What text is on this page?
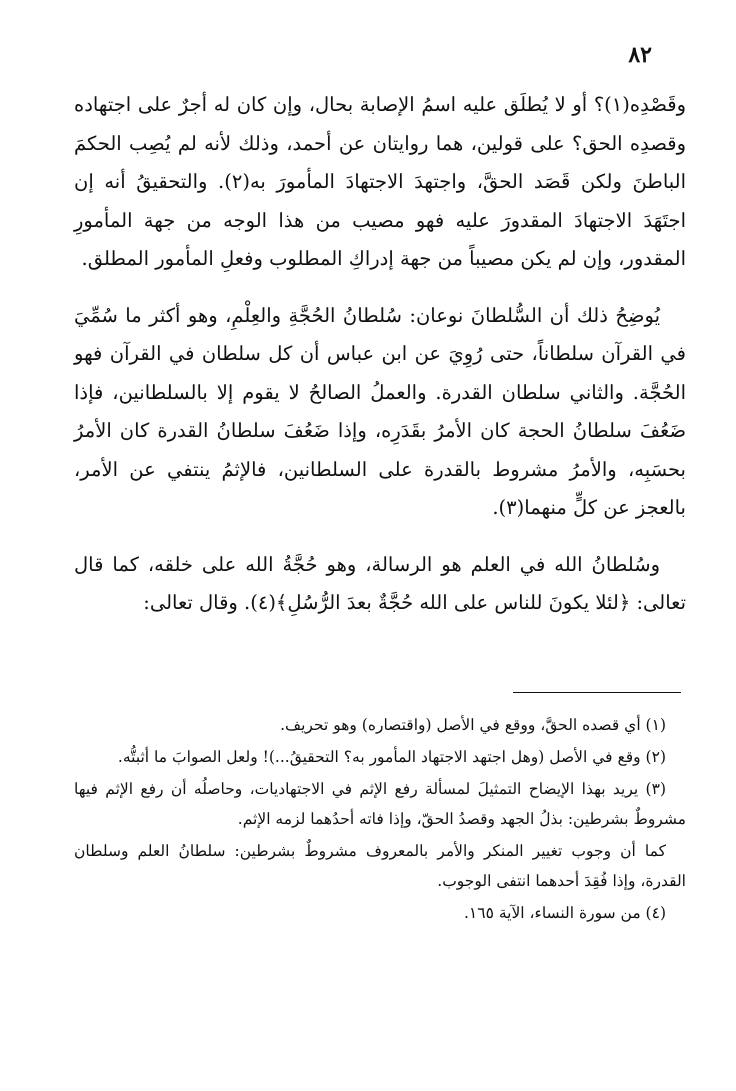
٨٢

وقَصْدِه(١)؟ أو لا يُطلَق عليه اسمُ الإصابة بحال، وإن كان له أجرٌ على اجتهاده وقصدِه الحق؟ على قولين، هما روايتان عن أحمد، وذلك لأنه لم يُصِب الحكمَ الباطنَ ولكن قَصَد الحقَّ، واجتهدَ الاجتهادَ المأمورَ به(٢). والتحقيقُ أنه إن اجتَهَدَ الاجتهادَ المقدورَ عليه فهو مصيب من هذا الوجه من جهة المأمورِ المقدور، وإن لم يكن مصيباً من جهة إدراكِ المطلوب وفعلِ المأمور المطلق.

يُوضِحُ ذلك أن السُّلطانَ نوعان: سُلطانُ الحُجَّةِ والعِلْمِ، وهو أكثر ما سُمِّيَ في القرآن سلطاناً، حتى رُوِيَ عن ابن عباس أن كل سلطان في القرآن فهو الحُجَّة. والثاني سلطان القدرة. والعملُ الصالحُ لا يقوم إلا بالسلطانين، فإذا ضَعُفَ سلطانُ الحجة كان الأمرُ بقَدَرِه، وإذا ضَعُفَ سلطانُ القدرة كان الأمرُ بحسَبِه، والأمرُ مشروط بالقدرة على السلطانين، فالإثمُ ينتفي عن الأمر، بالعجز عن كلٍّ منهما(٣).

وسُلطانُ الله في العلم هو الرسالة، وهو حُجَّةُ الله على خلقه، كما قال تعالى: ﴿لئلا يكونَ للناس على الله حُجَّةٌ بعدَ الرُّسُلِ﴾(٤). وقال تعالى:

(١) أي قصده الحقَّ، ووقع في الأصل (واقتصاره) وهو تحريف.

(٢) وقع في الأصل (وهل اجتهد الاجتهاد المأمور به؟ التحقيقُ...)! ولعل الصوابَ ما أثبتُّه.

(٣) يريد بهذا الإيضاح التمثيلَ لمسألة رفع الإثم في الاجتهاديات، وحاصلُه أن رفع الإثم فيها مشروطٌ بشرطين: بذلُ الجهد وقصدُ الحقّ، وإذا فاته أحدُهما لزمه الإثم.

كما أن وجوب تغيير المنكر والأمر بالمعروف مشروطٌ بشرطين: سلطانُ العلم وسلطان القدرة، وإذا فُقِدَ أحدهما انتفى الوجوب.

(٤) من سورة النساء، الآية ١٦٥.
